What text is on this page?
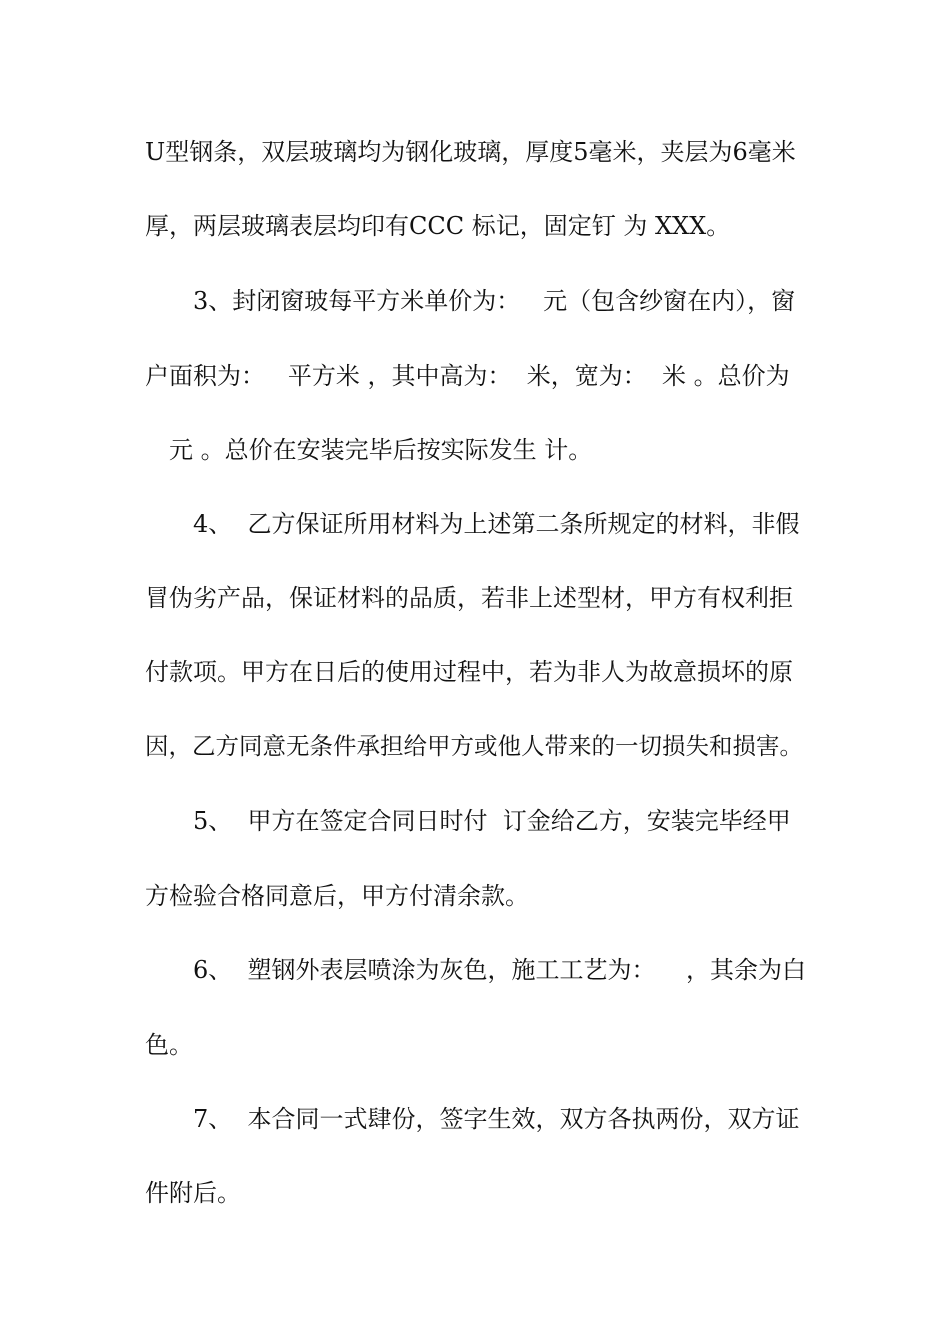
U型钢条，双层玻璃均为钢化玻璃，厚度5毫米，夹层为6毫米
厚，两层玻璃表层均印有CCC 标记，固定钉 为 XXX。
3、封闭窗玻每平方米单价为：   元（包含纱窗在内），窗
户面积为：   平方米 ，其中高为：  米，宽为：  米 。总价为
元 。总价在安装完毕后按实际发生 计。
4、  乙方保证所用材料为上述第二条所规定的材料，非假
冒伪劣产品，保证材料的品质，若非上述型材，甲方有权利拒
付款项。甲方在日后的使用过程中，若为非人为故意损坏的原
因，乙方同意无条件承担给甲方或他人带来的一切损失和损害。
5、  甲方在签定合同日时付  订金给乙方，安装完毕经甲
方检验合格同意后，甲方付清余款。
6、  塑钢外表层喷涂为灰色，施工工艺为：    ，其余为白
色。
7、  本合同一式肆份，签字生效，双方各执两份，双方证
件附后。
